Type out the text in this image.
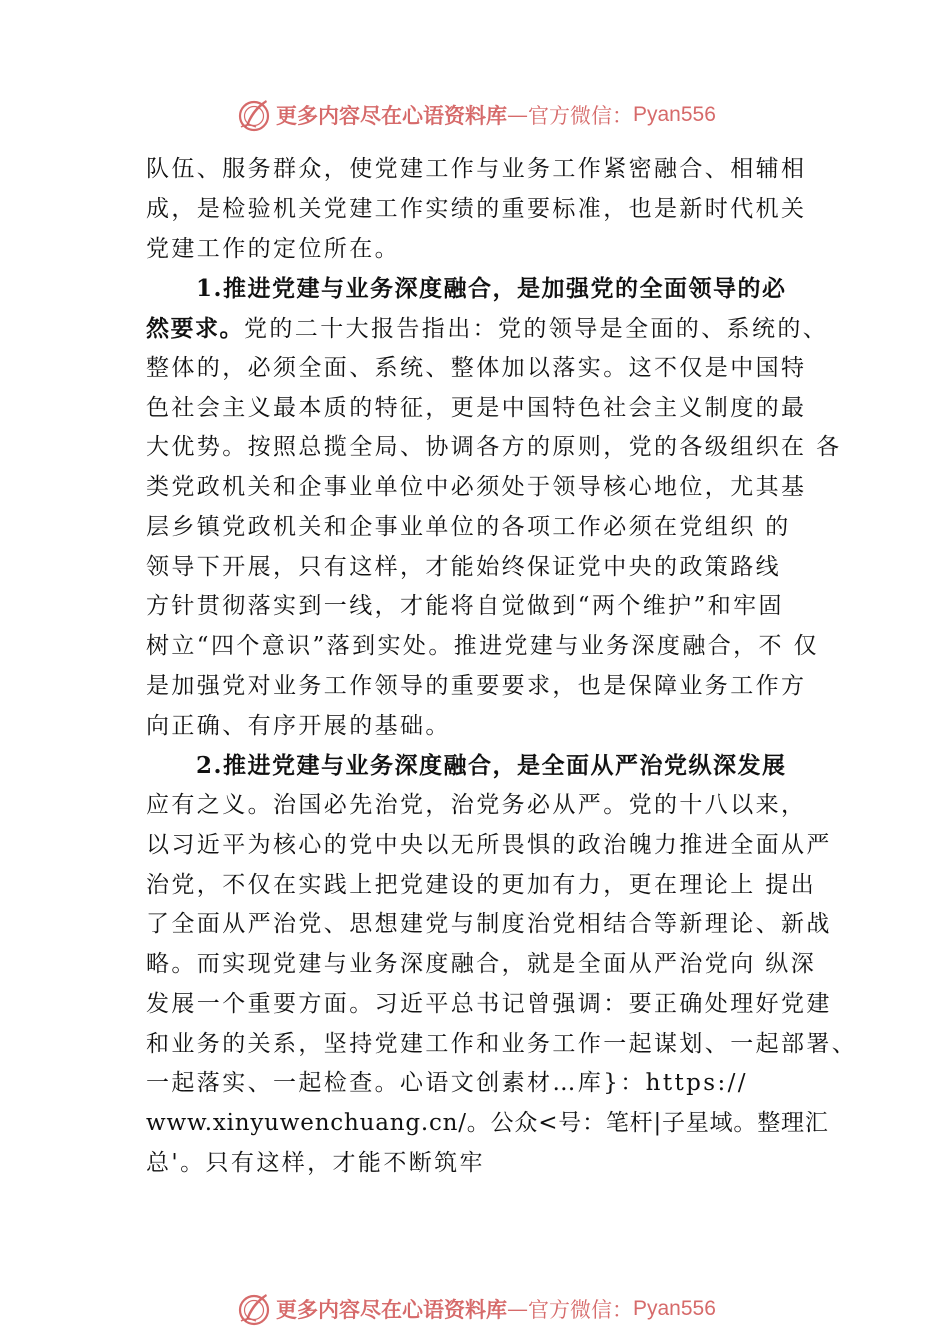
更多内容尽在心语资料库 — 官方微信： Pyan556
队伍、服务群众，使党建工作与业务工作紧密融合、相辅相
成，是检验机关党建工作实绩的重要标准，也是新时代机关
党建工作的定位所在。
1.推进党建与业务深度融合，是加强党的全面领导的必
然要求。党的二十大报告指出：党的领导是全面的、系统的、
整体的，必须全面、系统、整体加以落实。这不仅是中国特
色社会主义最本质的特征，更是中国特色社会主义制度的最
大优势。按照总揽全局、协调各方的原则，党的各级组织在 各
类党政机关和企事业单位中必须处于领导核心地位，尤其基
层乡镇党政机关和企事业单位的各项工作必须在党组织 的
领导下开展，只有这样，才能始终保证党中央的政策路线
方针贯彻落实到一线，才能将自觉做到“两个维护”和牢固
树立“四个意识”落到实处。推进党建与业务深度融合，不 仅
是加强党对业务工作领导的重要要求，也是保障业务工作方
向正确、有序开展的基础。
2.推进党建与业务深度融合，是全面从严治党纵深发展
应有之义。治国必先治党，治党务必从严。党的十八以来，
以习近平为核心的党中央以无所畏惧的政治魄力推进全面从严
治党，不仅在实践上把党建设的更加有力，更在理论上 提出
了全面从严治党、思想建党与制度治党相结合等新理论、新战
略。而实现党建与业务深度融合，就是全面从严治党向 纵深
发展一个重要方面。习近平总书记曾强调：要正确处理好党建
和业务的关系，坚持党建工作和业务工作一起谋划、一起部署、
一起落实、一起检查。心语文创素材…库}：https://
www.xinyuwenchuang.cn/。公众<号：笔杆|子星域。整理汇
总'。只有这样，才能不断筑牢
更多内容尽在心语资料库 — 官方微信： Pyan556
